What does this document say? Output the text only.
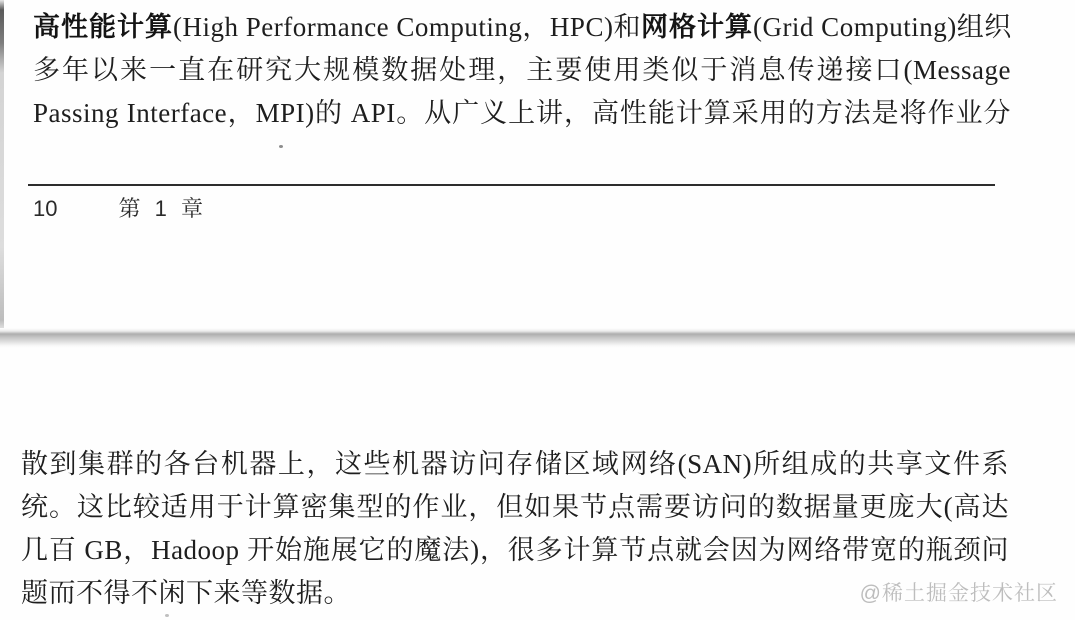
高性能计算(High Performance Computing，HPC)和网格计算(Grid Computing)组织
多年以来一直在研究大规模数据处理，主要使用类似于消息传递接口(Message
Passing Interface，MPI)的 API。从广义上讲，高性能计算采用的方法是将作业分
10	第 1 章
散到集群的各台机器上，这些机器访问存储区域网络(SAN)所组成的共享文件系
统。这比较适用于计算密集型的作业，但如果节点需要访问的数据量更庞大(高达
几百 GB，Hadoop 开始施展它的魔法)，很多计算节点就会因为网络带宽的瓶颈问
题而不得不闲下来等数据。	@稀土掘金技术社区
